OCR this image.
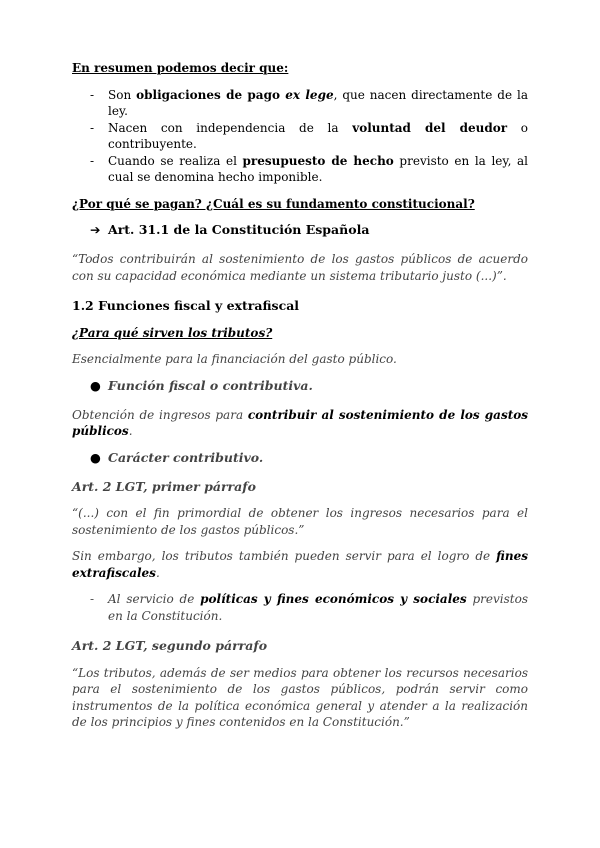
En resumen podemos decir que:

- Son obligaciones de pago ex lege, que nacen directamente de la ley.
- Nacen con independencia de la voluntad del deudor o contribuyente.
- Cuando se realiza el presupuesto de hecho previsto en la ley, al cual se denomina hecho imponible.

¿Por qué se pagan? ¿Cuál es su fundamento constitucional?

➔ Art. 31.1 de la Constitución Española

“Todos contribuirán al sostenimiento de los gastos públicos de acuerdo con su capacidad económica mediante un sistema tributario justo (...)”.

1.2 Funciones fiscal y extrafiscal

¿Para qué sirven los tributos?

Esencialmente para la financiación del gasto público.

● Función fiscal o contributiva.

Obtención de ingresos para contribuir al sostenimiento de los gastos públicos.

● Carácter contributivo.

Art. 2 LGT, primer párrafo

“(...) con el fin primordial de obtener los ingresos necesarios para el sostenimiento de los gastos públicos.”

Sin embargo, los tributos también pueden servir para el logro de fines extrafiscales.

- Al servicio de políticas y fines económicos y sociales previstos en la Constitución.

Art. 2 LGT, segundo párrafo

“Los tributos, además de ser medios para obtener los recursos necesarios para el sostenimiento de los gastos públicos, podrán servir como instrumentos de la política económica general y atender a la realización de los principios y fines contenidos en la Constitución.”
